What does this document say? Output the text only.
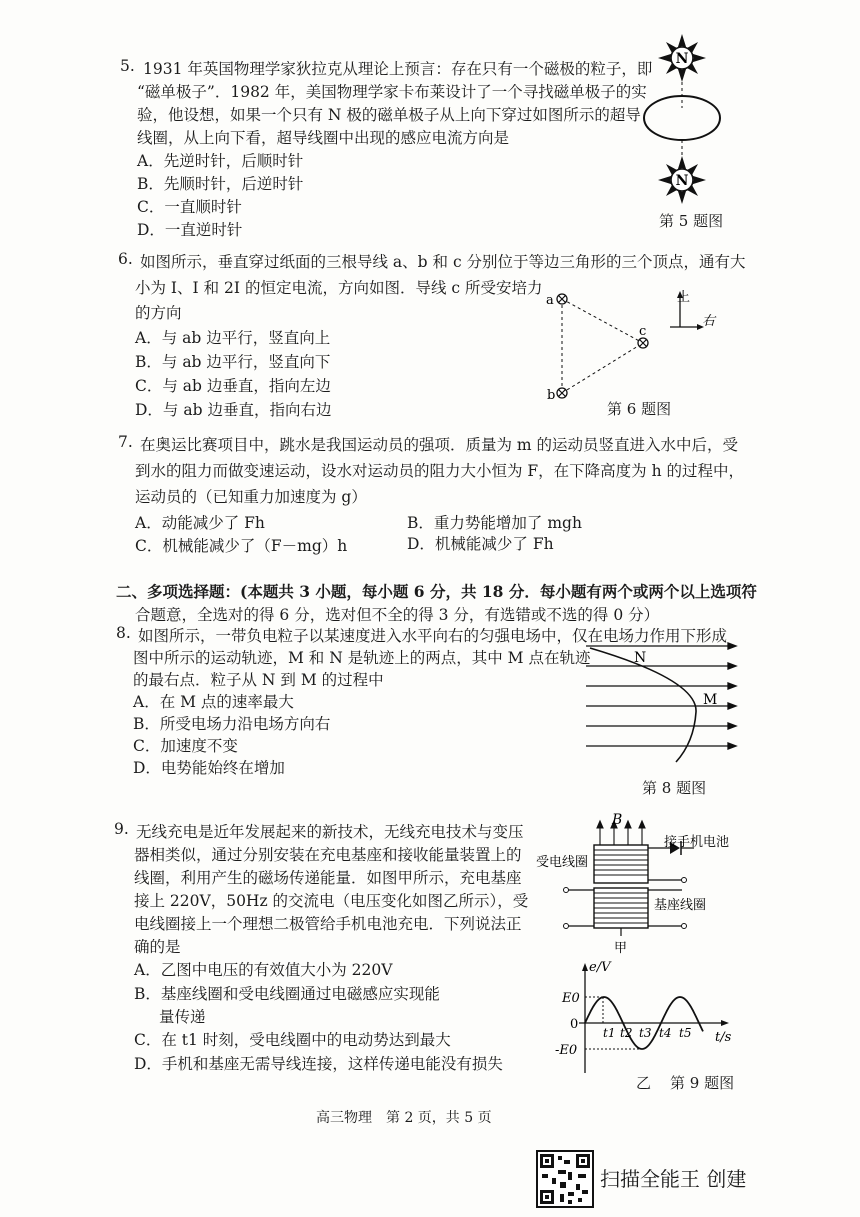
5. 1931 年英国物理学家狄拉克从理论上预言：存在只有一个磁极的粒子，即
“磁单极子”．1982 年，美国物理学家卡布莱设计了一个寻找磁单极子的实
验，他设想，如果一个只有 N 极的磁单极子从上向下穿过如图所示的超导
线圈，从上向下看，超导线圈中出现的感应电流方向是
A．先逆时针，后顺时针
B．先顺时针，后逆时针
C．一直顺时针
D．一直逆时针
N
N
第 5 题图
6. 如图所示，垂直穿过纸面的三根导线 a、b 和 c 分别位于等边三角形的三个顶点，通有大
小为 I、I 和 2I 的恒定电流，方向如图．导线 c 所受安培力
的方向
A．与 ab 边平行，竖直向上
B．与 ab 边平行，竖直向下
C．与 ab 边垂直，指向左边
D．与 ab 边垂直，指向右边
a
b
c
上
右
第 6 题图
7. 在奥运比赛项目中，跳水是我国运动员的强项．质量为 m 的运动员竖直进入水中后，受
到水的阻力而做变速运动，设水对运动员的阻力大小恒为 F，在下降高度为 h 的过程中，
运动员的（已知重力加速度为 g）
A．动能减少了 Fh	B．重力势能增加了 mgh
C．机械能减少了（F－mg）h	D．机械能减少了 Fh
二、多项选择题：(本题共 3 小题，每小题 6 分，共 18 分．每小题有两个或两个以上选项符
合题意，全选对的得 6 分，选对但不全的得 3 分，有选错或不选的得 0 分）
8. 如图所示，一带负电粒子以某速度进入水平向右的匀强电场中，仅在电场力作用下形成
图中所示的运动轨迹，M 和 N 是轨迹上的两点，其中 M 点在轨迹
的最右点．粒子从 N 到 M 的过程中
A．在 M 点的速率最大
B．所受电场力沿电场方向右
C．加速度不变
D．电势能始终在增加
N
M
第 8 题图
9. 无线充电是近年发展起来的新技术，无线充电技术与变压
器相类似，通过分别安装在充电基座和接收能量装置上的
线圈，利用产生的磁场传递能量．如图甲所示，充电基座
接上 220V，50Hz 的交流电（电压变化如图乙所示），受
电线圈接上一个理想二极管给手机电池充电．下列说法正
确的是
A．乙图中电压的有效值大小为 220V
B．基座线圈和受电线圈通过电磁感应实现能
量传递
C．在 t1 时刻，受电线圈中的电动势达到最大
D．手机和基座无需导线连接，这样传递电能没有损失
B
受电线圈
接手机电池
基座线圈
甲
e/V
E0
0
-E0
t/s
t1 t2 t3 t4 t5
乙 第 9 题图
高三物理　第 2 页，共 5 页
扫描全能王 创建
